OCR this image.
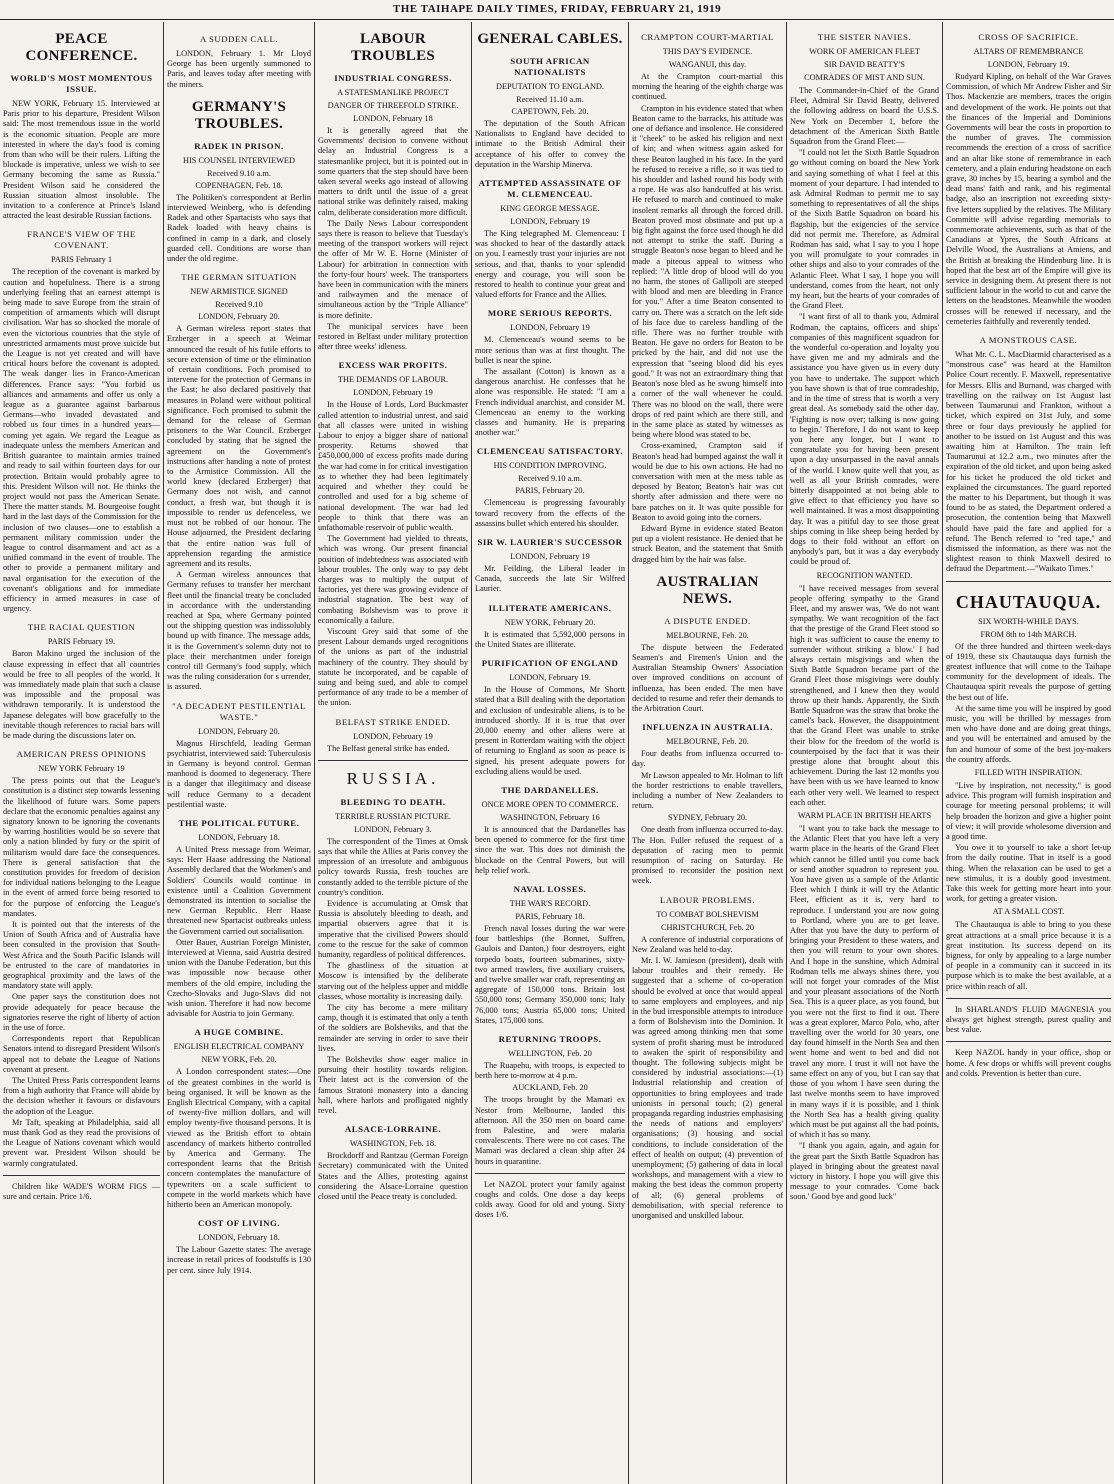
THE TAIHAPE DAILY TIMES, FRIDAY, FEBRUARY 21, 1919
PEACE CONFERENCE.
WORLD'S MOST MOMENTOUS ISSUE.

NEW YORK, February 15. Interviewed at Paris prior to his departure, President Wilson said: The most tremendous issue in the world is the economic situation. People are more interested in where the day's food is coming from than who will be their rulers. Lifting the blockade is imperative, unless we wish to see Germany becoming the same as Russia." President Wilson said he considered the Russian situation almost insoluble. The invitation to a conference at Prince's Island attracted the least desirable Russian factions.

FRANCE'S VIEW OF THE COVENANT.
PARIS February 1

The reception of the covenant is marked by caution and hopefulness. There is a strong underlying feeling that an earnest attempt is being made to save Europe from the strain of competition of armaments which will disrupt civilisation. War has so shocked the morale of even the victorious countries that the style of unrestricted armaments must prove suicide but the League is not yet created and will have critical hours before the covenant is adopted. The weak danger lies in Franco-American differences. France says: "You forbid us alliances and armaments and offer us only a league as a guarantee against barbarous Germans—who invaded devastated and robbed us four times in a hundred years—coming yet again. We regard the League as inadequate unless the members American and British guarantee to maintain armies trained and ready to sail within fourteen days for our protection. Britain would probably agree to this. President Wilson will not. He thinks the project would not pass the American Senate. There the matter stands. M. Bourgeoise fought hard in the last days of the Commission for the inclusion of two clauses—one to establish a permanent military commission under the league to control disarmament and act as a unified command in the event of trouble. The other to provide a permanent military and naval organisation for the execution of the covenant's obligations and for immediate efficiency in armed measures in case of urgency.

THE RACIAL QUESTION
PARIS February 19.

Baron Makino urged the inclusion of the clause expressing in effect that all countries would be free to all peoples of the world. It was immediately made plain that such a clause was impossible and the proposal was withdrawn temporarily. It is understood the Japanese delegates will bow gracefully to the inevitable though references to racial bars will be made during the discussions later on.

AMERICAN PRESS OPINIONS
NEW YORK February 19

The press points out that the League's constitution is a distinct step towards lessening the likelihood of future wars. Some papers declare that the economic penalties against any signatory known to be ignoring the covenants by warring hostilities would be so severe that only a nation blinded by fury or the spirit of militarism would dare face the consequences. There is general satisfaction that the constitution provides for freedom of decision for individual nations belonging to the League in the event of armed force being resorted to for the purpose of enforcing the League's mandates.

It is pointed out that the interests of the Union of South Africa and of Australia have been consulted in the provision that South-West Africa and the South Pacific Islands will be entrusted to the care of mandatories in geographical proximity and the laws of the mandatory state will apply.

One paper says the constitution does not provide adequately for peace because the signatories reserve the right of liberty of action in the use of force.

Correspondents report that Republican Senators intend to disregard President Wilson's appeal not to debate the League of Nations covenant at present.

The United Press Paris correspondent learns from a high authority that France will abide by the decision whether it favours or disfavours the adoption of the League.

Mr Taft, speaking at Philadelphia, said all must thank God as they read the provisions of the League of Nations covenant which would prevent war. President Wilson should be warmly congratulated.

Children like WADE'S WORM FIGS —sure and certain. Price 1/6.

A SUDDEN CALL.

LONDON, February 1. Mr Lloyd George has been urgently summoned to Paris, and leaves today after meeting with the miners.

GERMANY'S TROUBLES.
RADEK IN PRISON.
HIS COUNSEL INTERVIEWED
Received 9.10 a.m.
COPENHAGEN, Feb. 18.

The Politiken's correspondent at Berlin interviewed Weinberg, who is defending Radek and other Spartacists who says that Radek loaded with heavy chains is confined in camp in a dark, and closely guarded cell. Conditions are worse than under the old regime.

THE GERMAN SITUATION
NEW ARMISTICE SIGNED
Received 9.10
LONDON, February 20.

A German wireless report states that Erzberger in a speech at Weimar announced the result of his futile efforts to secure extension of time or the elimination of certain conditions. Foch promised to intervene for the protection of Germans in the East; he also declared positively that measures in Poland were without political significance. Foch promised to submit the demand for the release of German prisoners to the War Council. Erzberger concluded by stating that he signed the agreement on the Government's instructions after handing a note of protest to the Armistice Commission. All the world knew (declared Erzberger) that Germany does not wish, and cannot conduct, a fresh war, but though it is impossible to render us defenceless, we must not be robbed of our honour. The House adjourned, the President declaring that the entire nation was full of apprehension regarding the armistice agreement and its results.

A German wireless announces that Germany refuses to transfer her merchant fleet until the financial treaty be concluded in accordance with the understanding reached at Spa, where Germany pointed out the shipping question was indissolubly bound up with finance. The message adds, it is the Government's solemn duty not to place their merchantmen under foreign control till Germany's food supply, which was the ruling consideration for s urrender, is assured.

"A DECADENT PESTILENTIAL WASTE."
LONDON, February 20.

Magnus Hirschfeld, leading German psychiatrist, interviewed said: Tuberculosis in Germany is beyond control. German manhood is doomed to degeneracy. There is a danger that illegitimacy and disease will reduce Germany to a decadent pestilential waste.

THE POLITICAL FUTURE.
LONDON, February 18.

A United Press message from Weimar, says: Herr Haase addressing the National Assembly declared that the Workmen's and Soldiers' Councils would continue in existence until a Coalition Government demonstrated its intention to socialise the new German Republic. Herr Haase threatened new Spartacist outbreaks unless the Government carried out socialisation.

Otter Bauer, Austrian Foreign Minister, interviewed at Vienna, said Austria desired union with the Danube Federation, but this was impossible now because other members of the old empire, including the Czecho-Slovaks and Jugo-Slavs did not wish union. Therefore it had now become advisable for Austria to join Germany.

A HUGE COMBINE.
ENGLISH ELECTRICAL COMPANY
NEW YORK, Feb. 20.

A London correspondent states:—One of the greatest combines in the world is being organised. It will be known as the English Electrical Company, with a capital of twenty-five million dollars, and will employ twenty-five thousand persons. It is viewed as the British effort to obtain ascendancy of markets hitherto controlled by America and Germany. The correspondent learns that the British concern contemplates the manufacture of typewriters on a scale sufficient to compete in the world markets which have hitherto been an American monopoly.

COST OF LIVING.
LONDON, February 18.

The Labour Gazette states: The average increase in retail prices of foodstuffs is 130 per cent. since July 1914.

LABOUR TROUBLES
INDUSTRIAL CONGRESS.
A STATESMANLIKE PROJECT
DANGER OF THREEFOLD STRIKE.
LONDON, February 18

It is generally agreed that the Governments' decision to convene without delay an Industrial Congress is a statesmanlike project, but it is pointed out in some quarters that the step should have been taken several weeks ago instead of allowing matters to drift until the issue of a great national strike was definitely raised, making calm, deliberate consideration more difficult.

The Daily News Labour correspondent says there is reason to believe that Tuesday's meeting of the transport workers will reject the offer of Mr W. E. Horne (Minister of Labour) for arbitration in connection with the forty-four hours' week. The transporters have been in communication with the miners and railwaymen and the menace of simultaneous action by the "Triple Alliance" is more definite.

The municipal services have been restored in Belfast under military protection after three weeks' idleness.

EXCESS WAR PROFITS.
THE DEMANDS OF LABOUR.
LONDON, February 19

In the House of Lords, Lord Buckmaster called attention to industrial unrest, and said that all classes were united in wishing Labour to enjoy a bigger share of national prosperity. Returns showed that £450,000,000 of excess profits made during the war had come in for critical investigation as to whether they had been legitimately acquired and whether they could be controlled and used for a big scheme of national development. The war had led people to think that there was an unfathomable reservoir of public wealth.

The Government had yielded to threats, which was wrong. Our present financial position of indebtedness was associated with labour troubles. The only way to pay debt charges was to multiply the output of factories, yet there was growing evidence of industrial stagnation. The best way of combating Bolshevism was to prove it economically a failure.

Viscount Grey said that some of the present Labour demands urged recognitions of the unions as part of the industrial machinery of the country. They should by statute be incorporated, and be capable of suing and being sued, and able to compel performance of any trade to be a member of the union.

BELFAST STRIKE ENDED.
LONDON, February 19

The Belfast general strike has ended.

RUSSIA.
BLEEDING TO DEATH.
TERRIBLE RUSSIAN PICTURE.
LONDON, February 3.

The correspondent of the Times at Omsk says that while the Allies at Paris convey the impression of an irresolute and ambiguous policy towards Russia, fresh touches are constantly added to the terrible picture of the country's condition.

Evidence is accumulating at Omsk that Russia is absolutely bleeding to death, and impartial observers agree that it is imperative that the civilised Powers should come to the rescue for the sake of common humanity, regardless of political differences.

The ghastliness of the situation at Moscow is intensified by the deliberate starving out of the helpless upper and middle classes, whose mortality is increasing daily.

The city has become a mere military camp, though it is estimated that only a tenth of the soldiers are Bolsheviks, and that the remainder are serving in order to save their lives.

The Bolsheviks show eager malice in pursuing their hostility towards religion. Their latest act is the conversion of the famous Stratoni monastery into a dancing hall, where harlots and profligated nightly revel.

ALSACE-LORRAINE.
WASHINGTON, Feb. 18.

Brockdorff and Rantzau (German Foreign Secretary) communicated with the United States and the Allies, protesting against considering the Alsace-Lorraine question closed until the Peace treaty is concluded.

GENERAL CABLES.
SOUTH AFRICAN NATIONALISTS
DEPUTATION TO ENGLAND.
Received 11.10 a.m.
CAPETOWN, Feb. 20.

The deputation of the South African Nationalists to England have decided to intimate to the British Admiral their acceptance of his offer to convey the deputation in the Warship Minerva.

ATTEMPTED ASSASSINATE OF M. CLEMENCEAU.
KING GEORGE MESSAGE.
LONDON, February 19

The King telegraphed M. Clemenceau: I was shocked to hear of the dastardly attack on you. I earnestly trust your injuries are not serious, and that, thanks to your splendid energy and courage, you will soon be restored to health to continue your great and valued efforts for France and the Allies.

MORE SERIOUS REPORTS.
LONDON, February 19

M. Clemenceau's wound seems to be more serious than was at first thought. The bullet is near the spine.

The assailant (Cotton) is known as a dangerous anarchist. He confesses that he alone was responsible. He stated: "I am a French individual anarchist, and consider M. Clemenceau an enemy to the working classes and humanity. He is preparing another war."

CLEMENCEAU SATISFACTORY.
HIS CONDITION IMPROVING.
Received 9.10 a.m.
PARIS, February 20.

Clemenceau is progressing favourably toward recovery from the effects of the assassins bullet which entered his shoulder.

SIR W. LAURIER'S SUCCESSOR
LONDON, February 19

Mr. Feilding, the Liberal leader in Canada, succeeds the late Sir Wilfred Laurier.

ILLITERATE AMERICANS.
NEW YORK, February 20.

It is estimated that 5,592,000 persons in the United States are illiterate.

PURIFICATION OF ENGLAND
LONDON, February 19.

In the House of Commons, Mr Shortt stated that a Bill dealing with the deportation and exclusion of undesirable aliens, is to be introduced shortly. If it is true that over 20,000 enemy and other aliens were at present in Rotterdam waiting with the object of returning to England as soon as peace is signed, his present adequate powers for excluding aliens would be used.

THE DARDANELLES.
ONCE MORE OPEN TO COMMERCE.
WASHINGTON, February 16

It is announced that the Dardanelles has been opened to commerce for the first time since the war. This does not diminish the blockade on the Central Powers, but will help relief work.

NAVAL LOSSES.
THE WAR'S RECORD.
PARIS, February 18.

French naval losses during the war were four battleships (the Bonnet, Suffren, Gaulois and Danton,) four destroyers, eight torpedo boats, fourteen submarines, sixty-two armed trawlers, five auxiliary cruisers, and twelve smaller war craft, representing an aggregate of 150,000 tons. Britain lost 550,000 tons; Germany 350,000 tons; Italy 76,000 tons; Austria 65,000 tons; United States, 175,000 tons.

RETURNING TROOPS.
WELLINGTON, Feb. 20

The Ruapehu, with troops, is expected to berth here to-morrow at 4 p.m.

AUCKLAND, Feb. 20

The troops brought by the Mamari ex Nestor from Melbourne, landed this afternoon. All the 350 men on board came from Palestine, and were malaria convalescents. There were no cot cases. The Mamari was declared a clean ship after 24 hours in quarantine.

Let NAZOL protect your family against coughs and colds. One dose a day keeps colds away. Good for old and young. Sixty doses 1/6.

CRAMPTON COURT-MARTIAL
THIS DAY'S EVIDENCE.
WANGANUI, this day.

At the Crampton court-martial this morning the hearing of the eighth charge was continued.

Crampton in his evidence stated that when Beaton came to the barracks, his attitude was one of defiance and insolence. He considered it "cheek" to be asked his religion and next of kin; and when witness again asked for these Beaton laughed in his face. In the yard he refused to receive a rifle, so it was tied to his shoulder and lashed round his body with a rope. He was also handcuffed at his wrist. He refused to march and continued to make insolent remarks all through the forced drill. Beaton proved most obstinate and put up a big fight against the force used though he did not attempt to strike the staff. During a struggle Beaton's nose began to bleed and he made a piteous appeal to witness who replied: "A little drop of blood will do you no harm, the stones of Gallipoli are steeped with blood and men are bleeding in France for you." After a time Beaton consented to carry on. There was a scratch on the left side of his face due to careless handling of the rifle. There was no further trouble with Beaton. He gave no orders for Beaton to be pricked by the hair, and did not use the expression that "seeing blood did his eyes good." It was not an extraordinary thing that Beaton's nose bled as he swung himself into a corner of the wall whenever he could. There was no blood on the wall, there were drops of red paint which are there still, and in the same place as stated by witnesses as being where blood was stated to be.

Cross-examined, Crampton said if Beaton's head had bumped against the wall it would be due to his own actions. He had no conversation with men at the mess table as deposed by Beaton; Beaton's hair was cut shortly after admission and there were no bare patches on it. It was quite possible for Beaton to avoid going into the corners.

Edward Byrne in evidence stated Beaton put up a violent resistance. He denied that he struck Beaton, and the statement that Smith dragged him by the hair was false.

AUSTRALIAN NEWS.
A DISPUTE ENDED.
MELBOURNE, Feb. 20.

The dispute between the Federated Seamen's and Firemen's Union and the Australian Steamship Owners' Association over improved conditions on account of influenza, has been ended. The men have decided to resume and refer their demands to the Arbitration Court.

INFLUENZA IN AUSTRALIA.
MELBOURNE, Feb. 20.

Four deaths from influenza occurred to-day.

Mr Lawson appealed to Mr. Holman to lift the border restrictions to enable travellers, including a number of New Zealanders to return.

SYDNEY, February 20.

One death from influenza occurred to-day. The Hon. Fuller refused the request of a deputation of racing men to permit resumption of racing on Saturday. He promised to reconsider the position next week.

LABOUR PROBLEMS.
TO COMBAT BOLSHEVISM
CHRISTCHURCH, Feb. 20

A conference of industrial corporations of New Zealand was held to-day.

Mr. I. W. Jamieson (president), dealt with labour troubles and their remedy. He suggested that a scheme of co-operation should be evolved at once that would appeal to same employers and employees, and nip in the bud irresponsible attempts to introduce a form of Bolshevism into the Dominion. It was agreed among thinking men that some system of profit sharing must be introduced to awaken the spirit of responsibility and thought. The following subjects might be considered by industrial associations:—(1) Industrial relationship and creation of opportunities to bring employees and trade unionists in personal touch; (2) general propaganda regarding industries emphasising the needs of nations and employers' organisations; (3) housing and social conditions, to include consideration of the effect of health on output; (4) prevention of unemployment; (5) gathering of data in local workshops, and management with a view to making the best ideas the common property of all; (6) general problems of demobilisation, with special reference to unorganised and unskilled labour.

THE SISTER NAVIES.
WORK OF AMERICAN FLEET
SIR DAVID BEATTY'S
COMRADES OF MIST AND SUN.

The Commander-in-Chief of the Grand Fleet, Admiral Sir David Beatty, delivered the following address on board the U.S.S. New York on December 1, before the detachment of the American Sixth Battle Squadron from the Grand Fleet:—

"I could not let the Sixth Battle Squadron go without coming on board the New York and saying something of what I feel at this moment of your departure. I had intended to ask Admiral Rodman to permit me to say something to representatives of all the ships of the Sixth Battle Squadron on board his flagship, but the exigencies of the service did not permit me. Therefore, as Admiral Rodman has said, what I say to you I hope you will promulgate to your comrades in other ships and also to your comrades of the Atlantic Fleet. What I say, I hope you will understand, comes from the heart, not only my heart, but the hearts of your comrades of the Grand Fleet.

"I want first of all to thank you, Admiral Rodman, the captains, officers and ships' companies of this magnificent squadron for the wonderful co-operation and loyalty you have given me and my admirals and the assistance you have given us in every duty you have to undertake. The support which you have shown is that of true comradeship, and in the time of stress that is worth a very great deal. As somebody said the other day, 'Fighting is now over; talking is now going to begin.' Therefore, I do not want to keep you here any longer, but I want to congratulate you for having been present upon a day unsurpassed in the naval annals of the world. I know quite well that you, as well as all your British comrades, were bitterly disappointed at not being able to give effect to that efficiency you have so well maintained. It was a most disappointing day. It was a pitiful day to see those great ships coming in like sheep being herded by dogs to their fold without an effort on anybody's part, but it was a day everybody could be proud of.

RECOGNITION WANTED.

"I have received messages from several people offering sympathy to the Grand Fleet, and my answer was, 'We do not want sympathy. We want recognition of the fact that the prestige of the Grand Fleet stood so high it was sufficient to cause the enemy to surrender without striking a blow.' I had always certain misgivings and when the Sixth Battle Squadron became part of the Grand Fleet those misgivings were doubly strengthened, and I knew then they would throw up their hands. Apparently, the Sixth Battle Squadron was the straw that broke the camel's back. However, the disappointment that the Grand Fleet was unable to strike their blow for the freedom of the world is counterpoised by the fact that it was their prestige alone that brought about this achievement. During the last 12 months you have been with us we have learned to know each other very well. We learned to respect each other.

WARM PLACE IN BRITISH HEARTS

"I want you to take back the message to the Atlantic Fleet that you have left a very warm place in the hearts of the Grand Fleet which cannot be filled until you come back or send another squadron to represent you. You have given us a sample of the Atlantic Fleet which I think it will try the Atlantic Fleet, efficient as it is, very hard to reproduce. I understand you are now going to Portland, where you are to get leave. After that you have the duty to perform of bringing your President to these waters, and then you will return to your own shores. And I hope in the sunshine, which Admiral Rodman tells me always shines there, you will not forget your comrades of the Mist and your pleasant associations of the North Sea. This is a queer place, as you found, but you were not the first to find it out. There was a great explorer, Marco Polo, who, after travelling over the world for 30 years, one day found himself in the North Sea and then went home and went to bed and did not travel any more. I trust it will not have the same effect on any of you, but I can say that those of you whom I have seen during the last twelve months seem to have improved in many ways if it is possible, and I think the North Sea has a health giving quality which must be put against all the bad points, of which it has so many.

"I thank you again, again, and again for the great part the Sixth Battle Squadron has played in bringing about the greatest naval victory in history. I hope you will give this message to your comrades. 'Come back soon.' Good bye and good luck"

CROSS OF SACRIFICE.
ALTARS OF REMEMBRANCE
LONDON, February 19.

Rudyard Kipling, on behalf of the War Graves Commission, of which Mr Andrew Fisher and Sir Thos. Mackenzie are members, traces the origin and development of the work. He points out that the finances of the Imperial and Dominions Governments will bear the costs in proportion to the number of graves. The commission recommends the erection of a cross of sacrifice and an altar like stone of remembrance in each cemetery, and a plain enduring headstone on each grave, 30 inches by 15, bearing a symbol and the dead mans' faith and rank, and his regimental badge, also an inscription not exceeding sixty-five letters supplied by the relatives. The Military Committe will advise regarding memorials to commemorate achievements, such as that of the Canadians at Ypres, the South Africans at Delville Wood, the Australians at Amiens, and the British at breaking the Hindenburg line. It is hoped that the best art of the Empire will give its service in designing them. At present there is not sufficient labour in the world to cut and carve the letters on the headstones. Meanwhile the wooden crosses will be renewed if necessary, and the cemeteries faithfully and reverently tended.

A MONSTROUS CASE.

What Mr. C. L. MacDiarmid characterised as a "monstrous case" was heard at the Hamilton Police Court recently. F. Maxwell, representative for Messrs. Ellis and Burnand, was charged with travelling on the railway on 1st August last between Taumarunui and Frankton, without a ticket, which expired on 31st July, and some three or four days previously he applied for another to be issued on 1st August and this was awaiting him at Hamilton. The train left Taumarunui at 12.2 a.m., two minutes after the expiration of the old ticket, and upon being asked for his ticket he produced the old ticket and explained the circumstances. The guard reported the matter to his Department, but though it was found to be as stated, the Department ordered a prosecution, the contention being that Maxwell should have paid the fare and applied for a refund. The Bench referred to "red tape," and dismissed the information, as there was not the slightest reason to think Maxwell desired to defraud the Department.—"Waikato Times."

CHAUTAUQUA.
SIX WORTH-WHILE DAYS.
FROM 8th to 14th MARCH.

Of the three hundred and thirteen week-days of 1919, these six Chautauqua days furnish the greatest influence that will come to the Taihape community for the development of ideals. The Chautauqua spirit reveals the purpose of getting the best out of life.

At the same time you will be inspired by good music, you will be thrilled by messages from men who have done and are doing great things, and you will be entertained and amused by the fun and humour of some of the best joy-makers the country affords.

FILLED WITH INSPIRATION.

"Live by inspiration, not necessity," is good advice. This program will furnish inspiration and courage for meeting personal problems; it will help broaden the horizon and give a higher point of view; it will provide wholesome diversion and a good time.

You owe it to yourself to take a short let-up from the daily routine. That in itself is a good thing. When the relaxation can be used to get a new stimulus, it is a doubly good investment. Take this week for getting more heart into your work, for getting a greater vision.

AT A SMALL COST.

The Chautauqua is able to bring to you these great attractions at a small price because it is a great institution. Its success depend on its bigness, for only by appealing to a large number of people in a community can it succeed in its purpose which is to make the best available, at a price within reach of all.

In SHARLAND'S FLUID MAGNESIA you always get highest strength, purest quality and best value.

Keep NAZOL handy in your office, shop or home. A few drops or whiffs will prevent coughs and colds. Prevention is better than cure.
